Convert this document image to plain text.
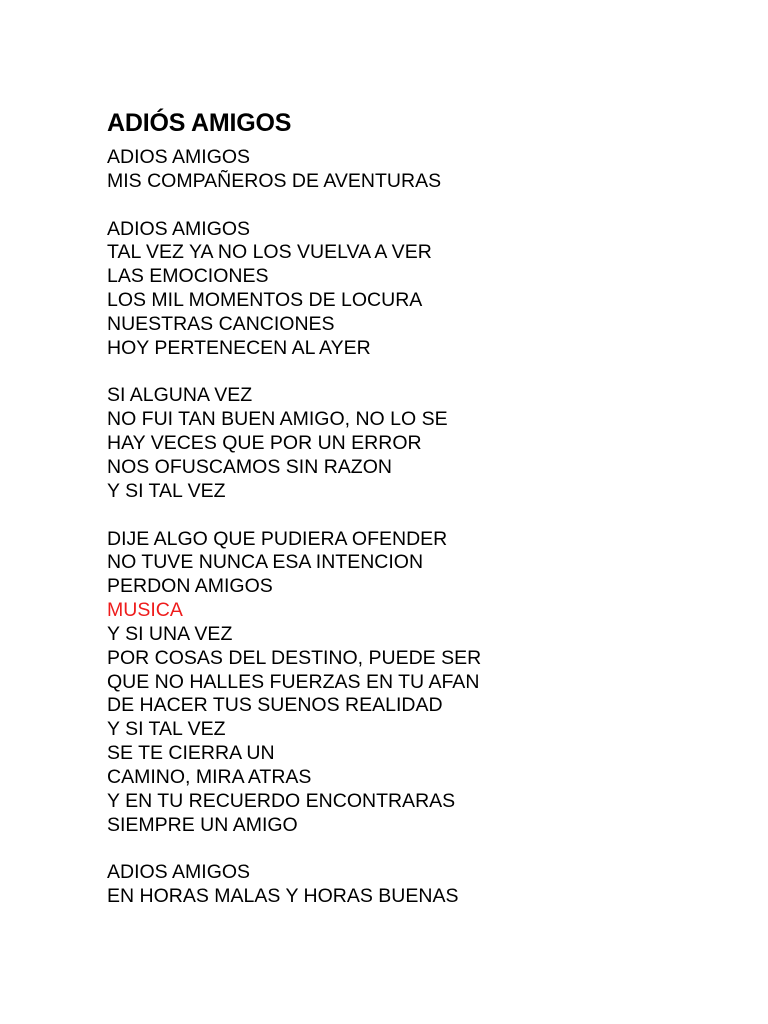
ADIÓS AMIGOS
ADIOS AMIGOS
MIS COMPAÑEROS DE AVENTURAS
ADIOS AMIGOS
TAL VEZ YA NO LOS VUELVA A VER
LAS EMOCIONES
LOS MIL MOMENTOS DE LOCURA
NUESTRAS CANCIONES
HOY PERTENECEN AL AYER
SI ALGUNA VEZ
NO FUI TAN BUEN AMIGO, NO LO SE
HAY VECES QUE POR UN ERROR
NOS OFUSCAMOS SIN RAZON
Y SI TAL VEZ
DIJE ALGO QUE PUDIERA OFENDER
NO TUVE NUNCA ESA INTENCION
PERDON AMIGOS
MUSICA
Y SI UNA VEZ
POR COSAS DEL DESTINO, PUEDE SER
QUE NO HALLES FUERZAS EN TU AFAN
DE HACER TUS SUENOS REALIDAD
Y SI TAL VEZ
SE TE CIERRA UN
CAMINO, MIRA ATRAS
Y EN TU RECUERDO ENCONTRARAS
SIEMPRE UN AMIGO
ADIOS AMIGOS
EN HORAS MALAS Y HORAS BUENAS
